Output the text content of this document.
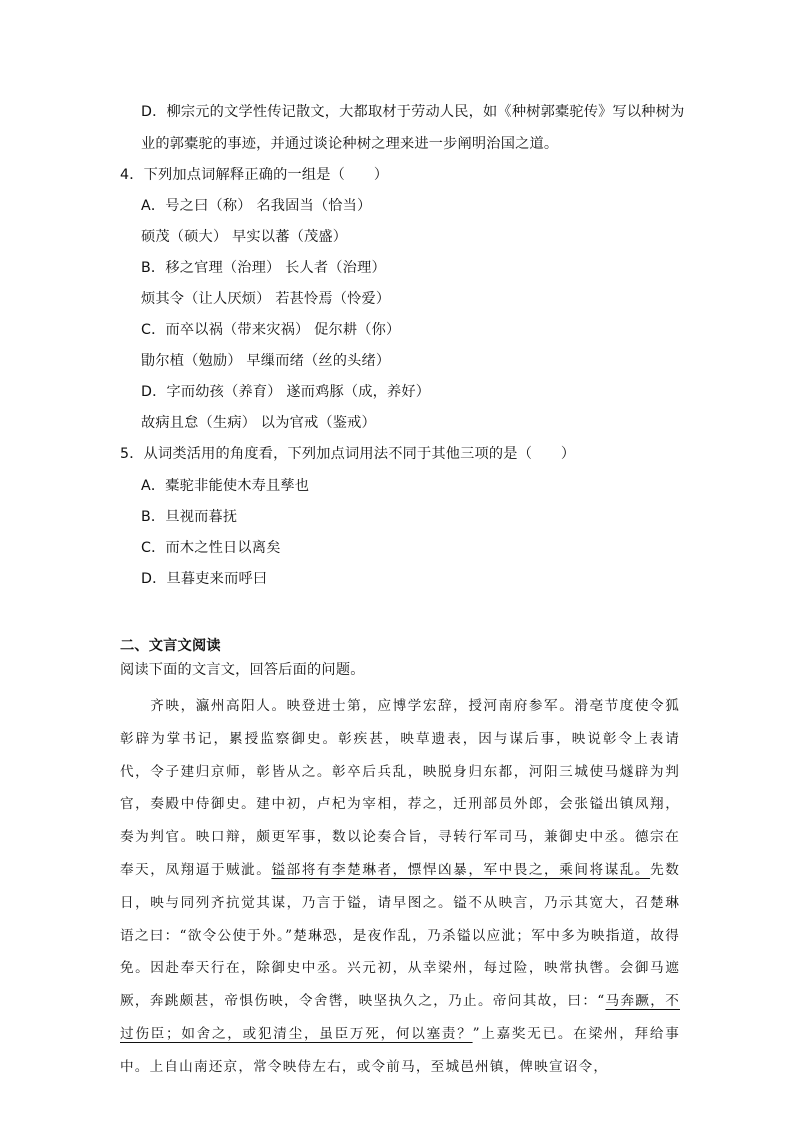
D．柳宗元的文学性传记散文，大都取材于劳动人民，如《种树郭橐驼传》写以种树为
业的郭橐驼的事迹，并通过谈论种树之理来进一步阐明治国之道。
4．下列加点词解释正确的一组是（　　）
A．号之曰（称） 名我固当（恰当）
硕茂（硕大） 早实以蕃（茂盛）
B．移之官理（治理） 长人者（治理）
烦其令（让人厌烦） 若甚怜焉（怜爱）
C．而卒以祸（带来灾祸） 促尔耕（你）
勖尔植（勉励） 早缫而绪（丝的头绪）
D．字而幼孩（养育） 遂而鸡豚（成，养好）
故病且怠（生病） 以为官戒（鉴戒）
5．从词类活用的角度看，下列加点词用法不同于其他三项的是（　　）
A．橐驼非能使木寿且孳也
B．旦视而暮抚
C．而木之性日以离矣
D．旦暮吏来而呼曰
二、文言文阅读
阅读下面的文言文，回答后面的问题。
　　齐映，瀛州高阳人。映登进士第，应博学宏辞，授河南府参军。滑亳节度使令狐彰辟为掌书记，累授监察御史。彰疾甚，映草遗表，因与谋后事，映说彰令上表请代，令子建归京师，彰皆从之。彰卒后兵乱，映脱身归东都，河阳三城使马燧辟为判官，奏殿中侍御史。建中初，卢杞为宰相，荐之，迁刑部员外郎，会张镒出镇凤翔，奏为判官。映口辩，颇更军事，数以论奏合旨，寻转行军司马，兼御史中丞。德宗在奉天，凤翔逼于贼泚。镒部将有李楚琳者，慓悍凶暴，军中畏之，乘间将谋乱。先数日，映与同列齐抗觉其谋，乃言于镒，请早图之。镒不从映言，乃示其宽大，召楚琳语之曰：“欲令公使于外。”楚琳恐，是夜作乱，乃杀镒以应泚；军中多为映指道，故得免。因赴奉天行在，除御史中丞。兴元初，从幸梁州，每过险，映常执辔。会御马遮厥，奔跳颇甚，帝惧伤映，令舍辔，映坚执久之，乃止。帝问其故，曰：“马奔蹶，不过伤臣；如舍之，或犯清尘，虽臣万死，何以塞责？”上嘉奖无已。在梁州，拜给事中。上自山南还京，常令映侍左右，或令前马，至城邑州镇，俾映宣诏令，
